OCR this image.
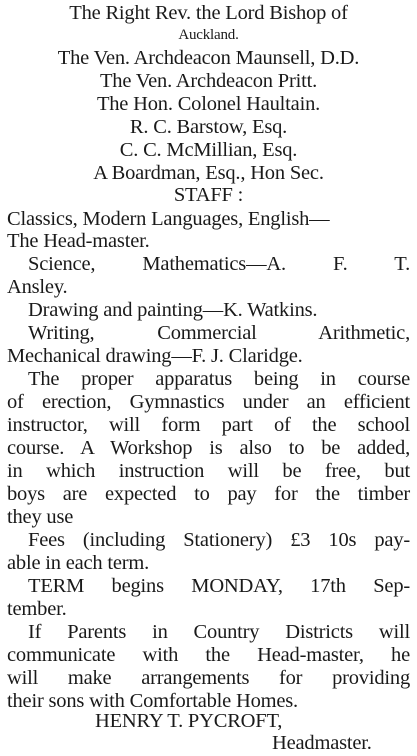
The Right Rev. the Lord Bishop of
Auckland.
The Ven. Archdeacon Maunsell, D.D.
The Ven. Archdeacon Pritt.
The Hon. Colonel Haultain.
R. C. Barstow, Esq.
C. C. McMillian, Esq.
A Boardman, Esq., Hon Sec.
STAFF :
Classics, Modern Languages, English—
The Head-master.
Science, Mathematics—A. F. T.
Ansley.
Drawing and painting—K. Watkins.
Writing, Commercial Arithmetic,
Mechanical drawing—F. J. Claridge.
The proper apparatus being in course
of erection, Gymnastics under an efficient
instructor, will form part of the school
course. A Workshop is also to be added,
in which instruction will be free, but
boys are expected to pay for the timber
they use
Fees (including Stationery) £3 10s pay-
able in each term.
TERM begins MONDAY, 17th Sep-
tember.
If Parents in Country Districts will
communicate with the Head-master, he
will make arrangements for providing
their sons with Comfortable Homes.
HENRY T. PYCROFT,
Headmaster.
